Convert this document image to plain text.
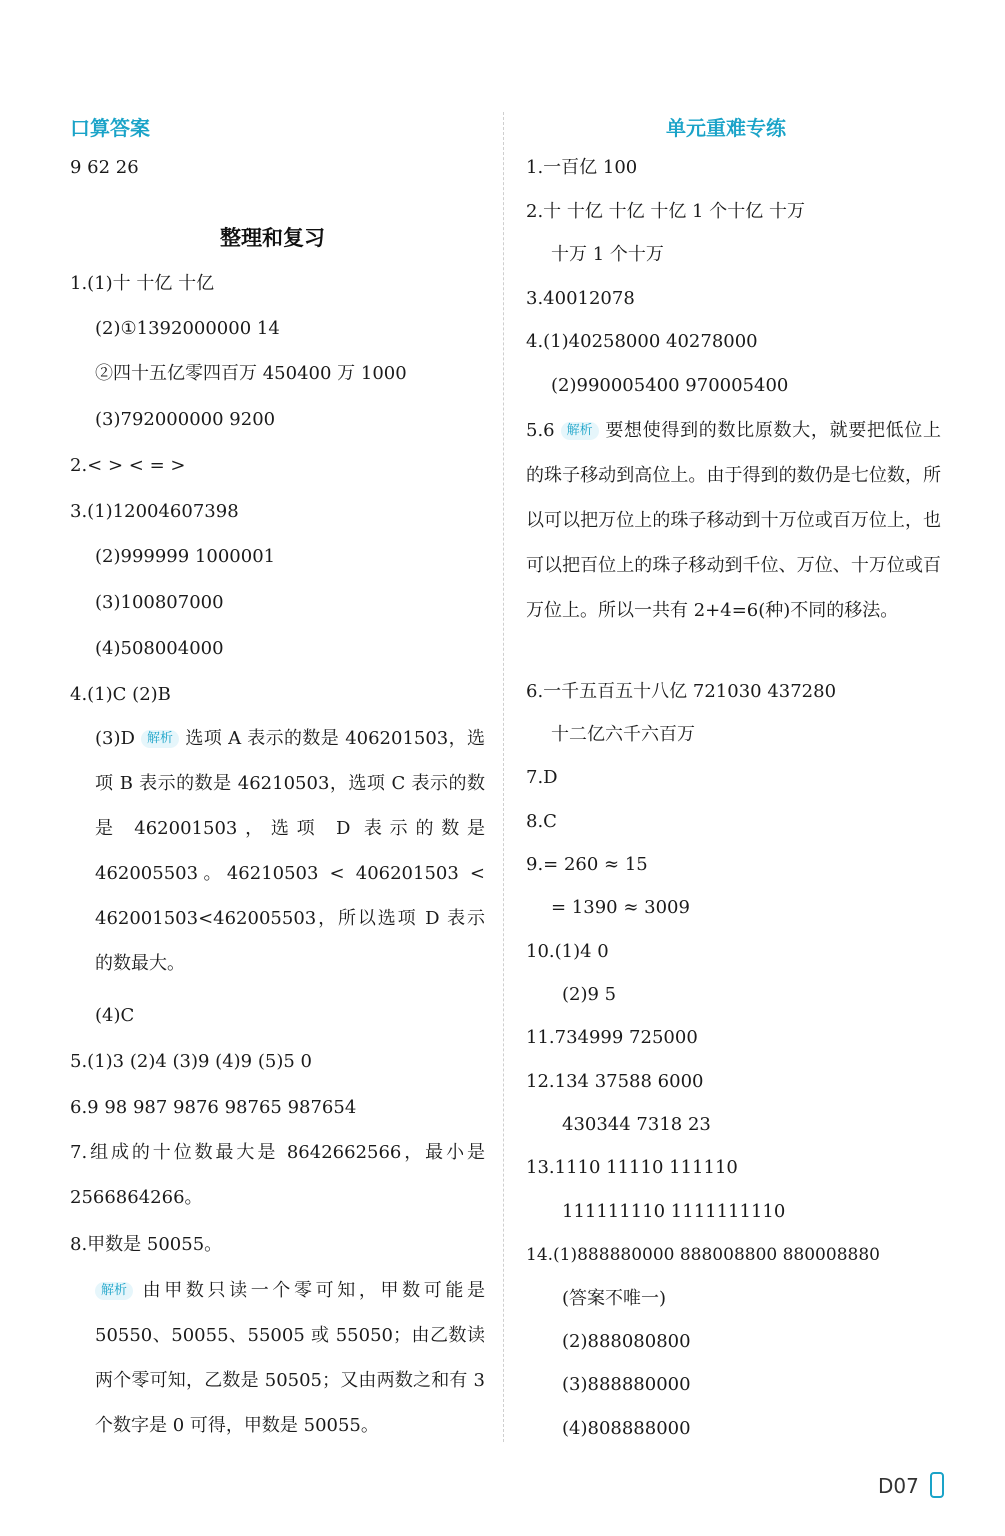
口算答案
9 62 26
整理和复习
1.(1)十 十亿 十亿
(2)①1392000000 14
②四十五亿零四百万 450400 万 1000
(3)792000000 9200
2.< > < = >
3.(1)12004607398
(2)999999 1000001
(3)100807000
(4)508004000
4.(1)C (2)B
(3)D 解析 选项 A 表示的数是 406201503，选项 B 表示的数是 46210503，选项 C 表示的数是 462001503，选项 D 表示的数是 462005503。46210503 < 406201503 < 462001503<462005503，所以选项 D 表示的数最大。
(4)C
5.(1)3 (2)4 (3)9 (4)9 (5)5 0
6.9 98 987 9876 98765 987654
7.组成的十位数最大是 8642662566，最小是 2566864266。
8.甲数是 50055。
解析 由甲数只读一个零可知，甲数可能是 50550、50055、55005 或 55050；由乙数读两个零可知，乙数是 50505；又由两数之和有 3 个数字是 0 可得，甲数是 50055。
单元重难专练
1.一百亿 100
2.十 十亿 十亿 十亿 1 个十亿 十万
十万 1 个十万
3.40012078
4.(1)40258000 40278000
(2)990005400 970005400
5.6 解析 要想使得到的数比原数大，就要把低位上的珠子移动到高位上。由于得到的数仍是七位数，所以可以把万位上的珠子移动到十万位或百万位上，也可以把百位上的珠子移动到千位、万位、十万位或百万位上。所以一共有 2+4=6(种)不同的移法。
6.一千五百五十八亿 721030 437280
十二亿六千六百万
7.D
8.C
9.= 260 ≈ 15
= 1390 ≈ 3009
10.(1)4 0
(2)9 5
11.734999 725000
12.134 37588 6000
430344 7318 23
13.1110 11110 111110
111111110 1111111110
14.(1)888880000 888008800 880008880
(答案不唯一)
(2)888080800
(3)888880000
(4)808888000
D07
